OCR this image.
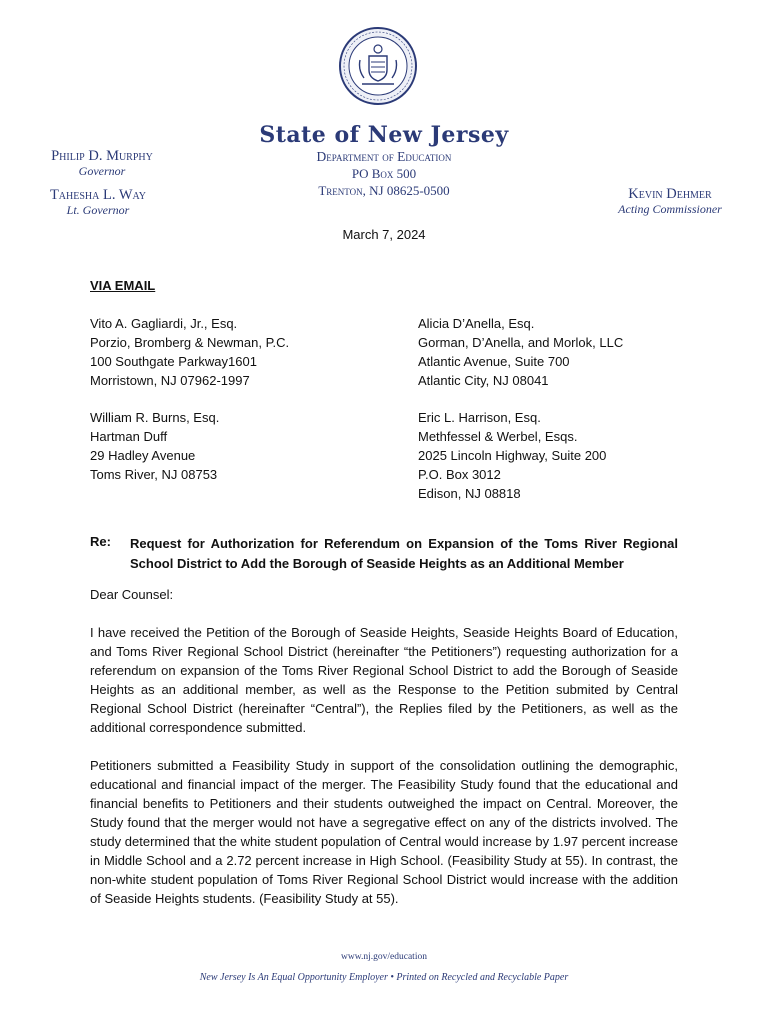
State of New Jersey
Department of Education
PO Box 500
Trenton, NJ 08625-0500
Philip D. Murphy
Governor
Tahesha L. Way
Lt. Governor
Kevin Dehmer
Acting Commissioner
March 7, 2024
VIA EMAIL
Vito A. Gagliardi, Jr., Esq.
Porzio, Bromberg & Newman, P.C.
100 Southgate Parkway1601
Morristown, NJ 07962-1997
Alicia D’Anella, Esq.
Gorman, D’Anella, and Morlok, LLC
Atlantic Avenue, Suite 700
Atlantic City, NJ 08041
William R. Burns, Esq.
Hartman Duff
29 Hadley Avenue
Toms River, NJ 08753
Eric L. Harrison, Esq.
Methfessel & Werbel, Esqs.
2025 Lincoln Highway, Suite 200
P.O. Box 3012
Edison, NJ 08818
Re: Request for Authorization for Referendum on Expansion of the Toms River Regional School District to Add the Borough of Seaside Heights as an Additional Member
Dear Counsel:
I have received the Petition of the Borough of Seaside Heights, Seaside Heights Board of Education, and Toms River Regional School District (hereinafter “the Petitioners”) requesting authorization for a referendum on expansion of the Toms River Regional School District to add the Borough of Seaside Heights as an additional member, as well as the Response to the Petition submited by Central Regional School District (hereinafter “Central”), the Replies filed by the Petitioners, as well as the additional correspondence submitted.
Petitioners submitted a Feasibility Study in support of the consolidation outlining the demographic, educational and financial impact of the merger. The Feasibility Study found that the educational and financial benefits to Petitioners and their students outweighed the impact on Central. Moreover, the Study found that the merger would not have a segregative effect on any of the districts involved. The study determined that the white student population of Central would increase by 1.97 percent increase in Middle School and a 2.72 percent increase in High School. (Feasibility Study at 55). In contrast, the non-white student population of Toms River Regional School District would increase with the addition of Seaside Heights students. (Feasibility Study at 55).
www.nj.gov/education
New Jersey Is An Equal Opportunity Employer • Printed on Recycled and Recyclable Paper
